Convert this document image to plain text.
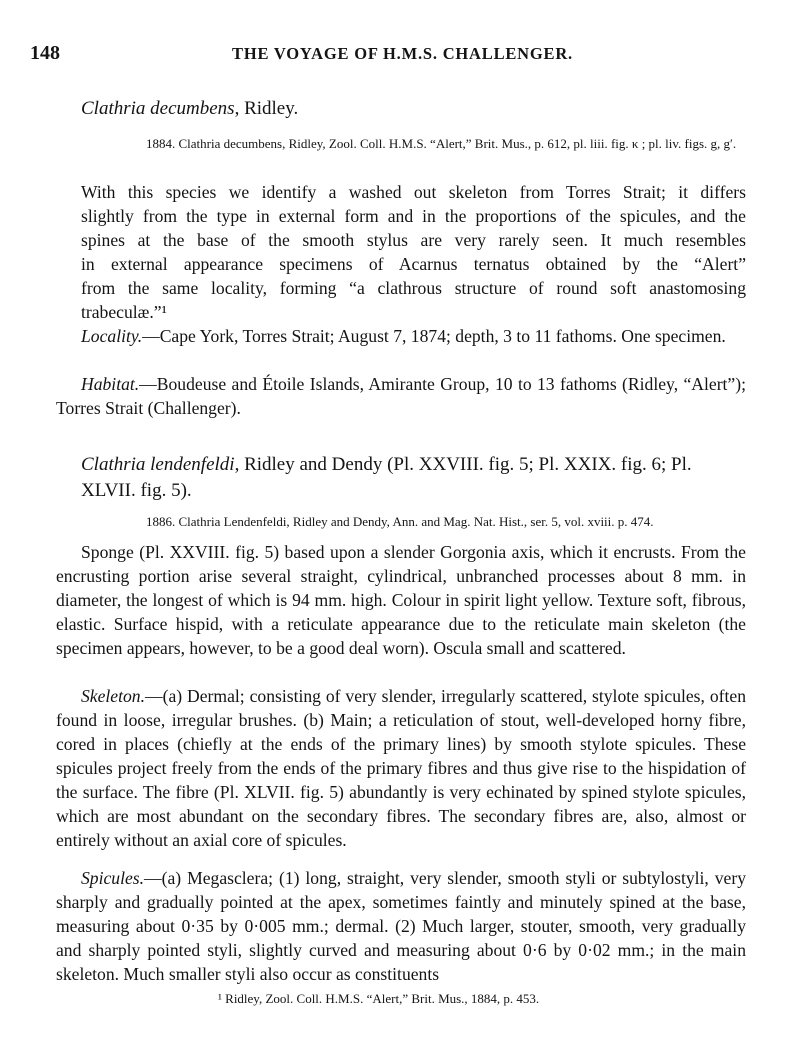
148	THE VOYAGE OF H.M.S. CHALLENGER.

Clathria decumbens, Ridley.

1884. Clathria decumbens, Ridley, Zool. Coll. H.M.S. “Alert,” Brit. Mus., p. 612, pl. liii. fig. κ ; pl. liv. figs. g, g′.

With this species we identify a washed out skeleton from Torres Strait; it differs
slightly from the type in external form and in the proportions of the spicules, and the
spines at the base of the smooth stylus are very rarely seen. It much resembles
in external appearance specimens of Acarnus ternatus obtained by the “Alert”
from the same locality, forming “a clathrous structure of round soft anastomosing
trabeculæ.”¹

Locality.—Cape York, Torres Strait; August 7, 1874; depth, 3 to 11 fathoms. One specimen.

Habitat.—Boudeuse and Étoile Islands, Amirante Group, 10 to 13 fathoms (Ridley, “Alert”); Torres Strait (Challenger).

Clathria lendenfeldi, Ridley and Dendy (Pl. XXVIII. fig. 5; Pl. XXIX. fig. 6; Pl. XLVII. fig. 5).

1886. Clathria Lendenfeldi, Ridley and Dendy, Ann. and Mag. Nat. Hist., ser. 5, vol. xviii. p. 474.

Sponge (Pl. XXVIII. fig. 5) based upon a slender Gorgonia axis, which it encrusts. From the encrusting portion arise several straight, cylindrical, unbranched processes about 8 mm. in diameter, the longest of which is 94 mm. high. Colour in spirit light yellow. Texture soft, fibrous, elastic. Surface hispid, with a reticulate appearance due to the reticulate main skeleton (the specimen appears, however, to be a good deal worn). Oscula small and scattered.

Skeleton.—(a) Dermal; consisting of very slender, irregularly scattered, stylote spicules, often found in loose, irregular brushes. (b) Main; a reticulation of stout, well-developed horny fibre, cored in places (chiefly at the ends of the primary lines) by smooth stylote spicules. These spicules project freely from the ends of the primary fibres and thus give rise to the hispidation of the surface. The fibre (Pl. XLVII. fig. 5) abundantly is very echinated by spined stylote spicules, which are most abundant on the secondary fibres. The secondary fibres are, also, almost or entirely without an axial core of spicules.

Spicules.—(a) Megasclera; (1) long, straight, very slender, smooth styli or subtylostyli, very sharply and gradually pointed at the apex, sometimes faintly and minutely spined at the base, measuring about 0·35 by 0·005 mm.; dermal. (2) Much larger, stouter, smooth, very gradually and sharply pointed styli, slightly curved and measuring about 0·6 by 0·02 mm.; in the main skeleton. Much smaller styli also occur as constituents

¹ Ridley, Zool. Coll. H.M.S. “Alert,” Brit. Mus., 1884, p. 453.
